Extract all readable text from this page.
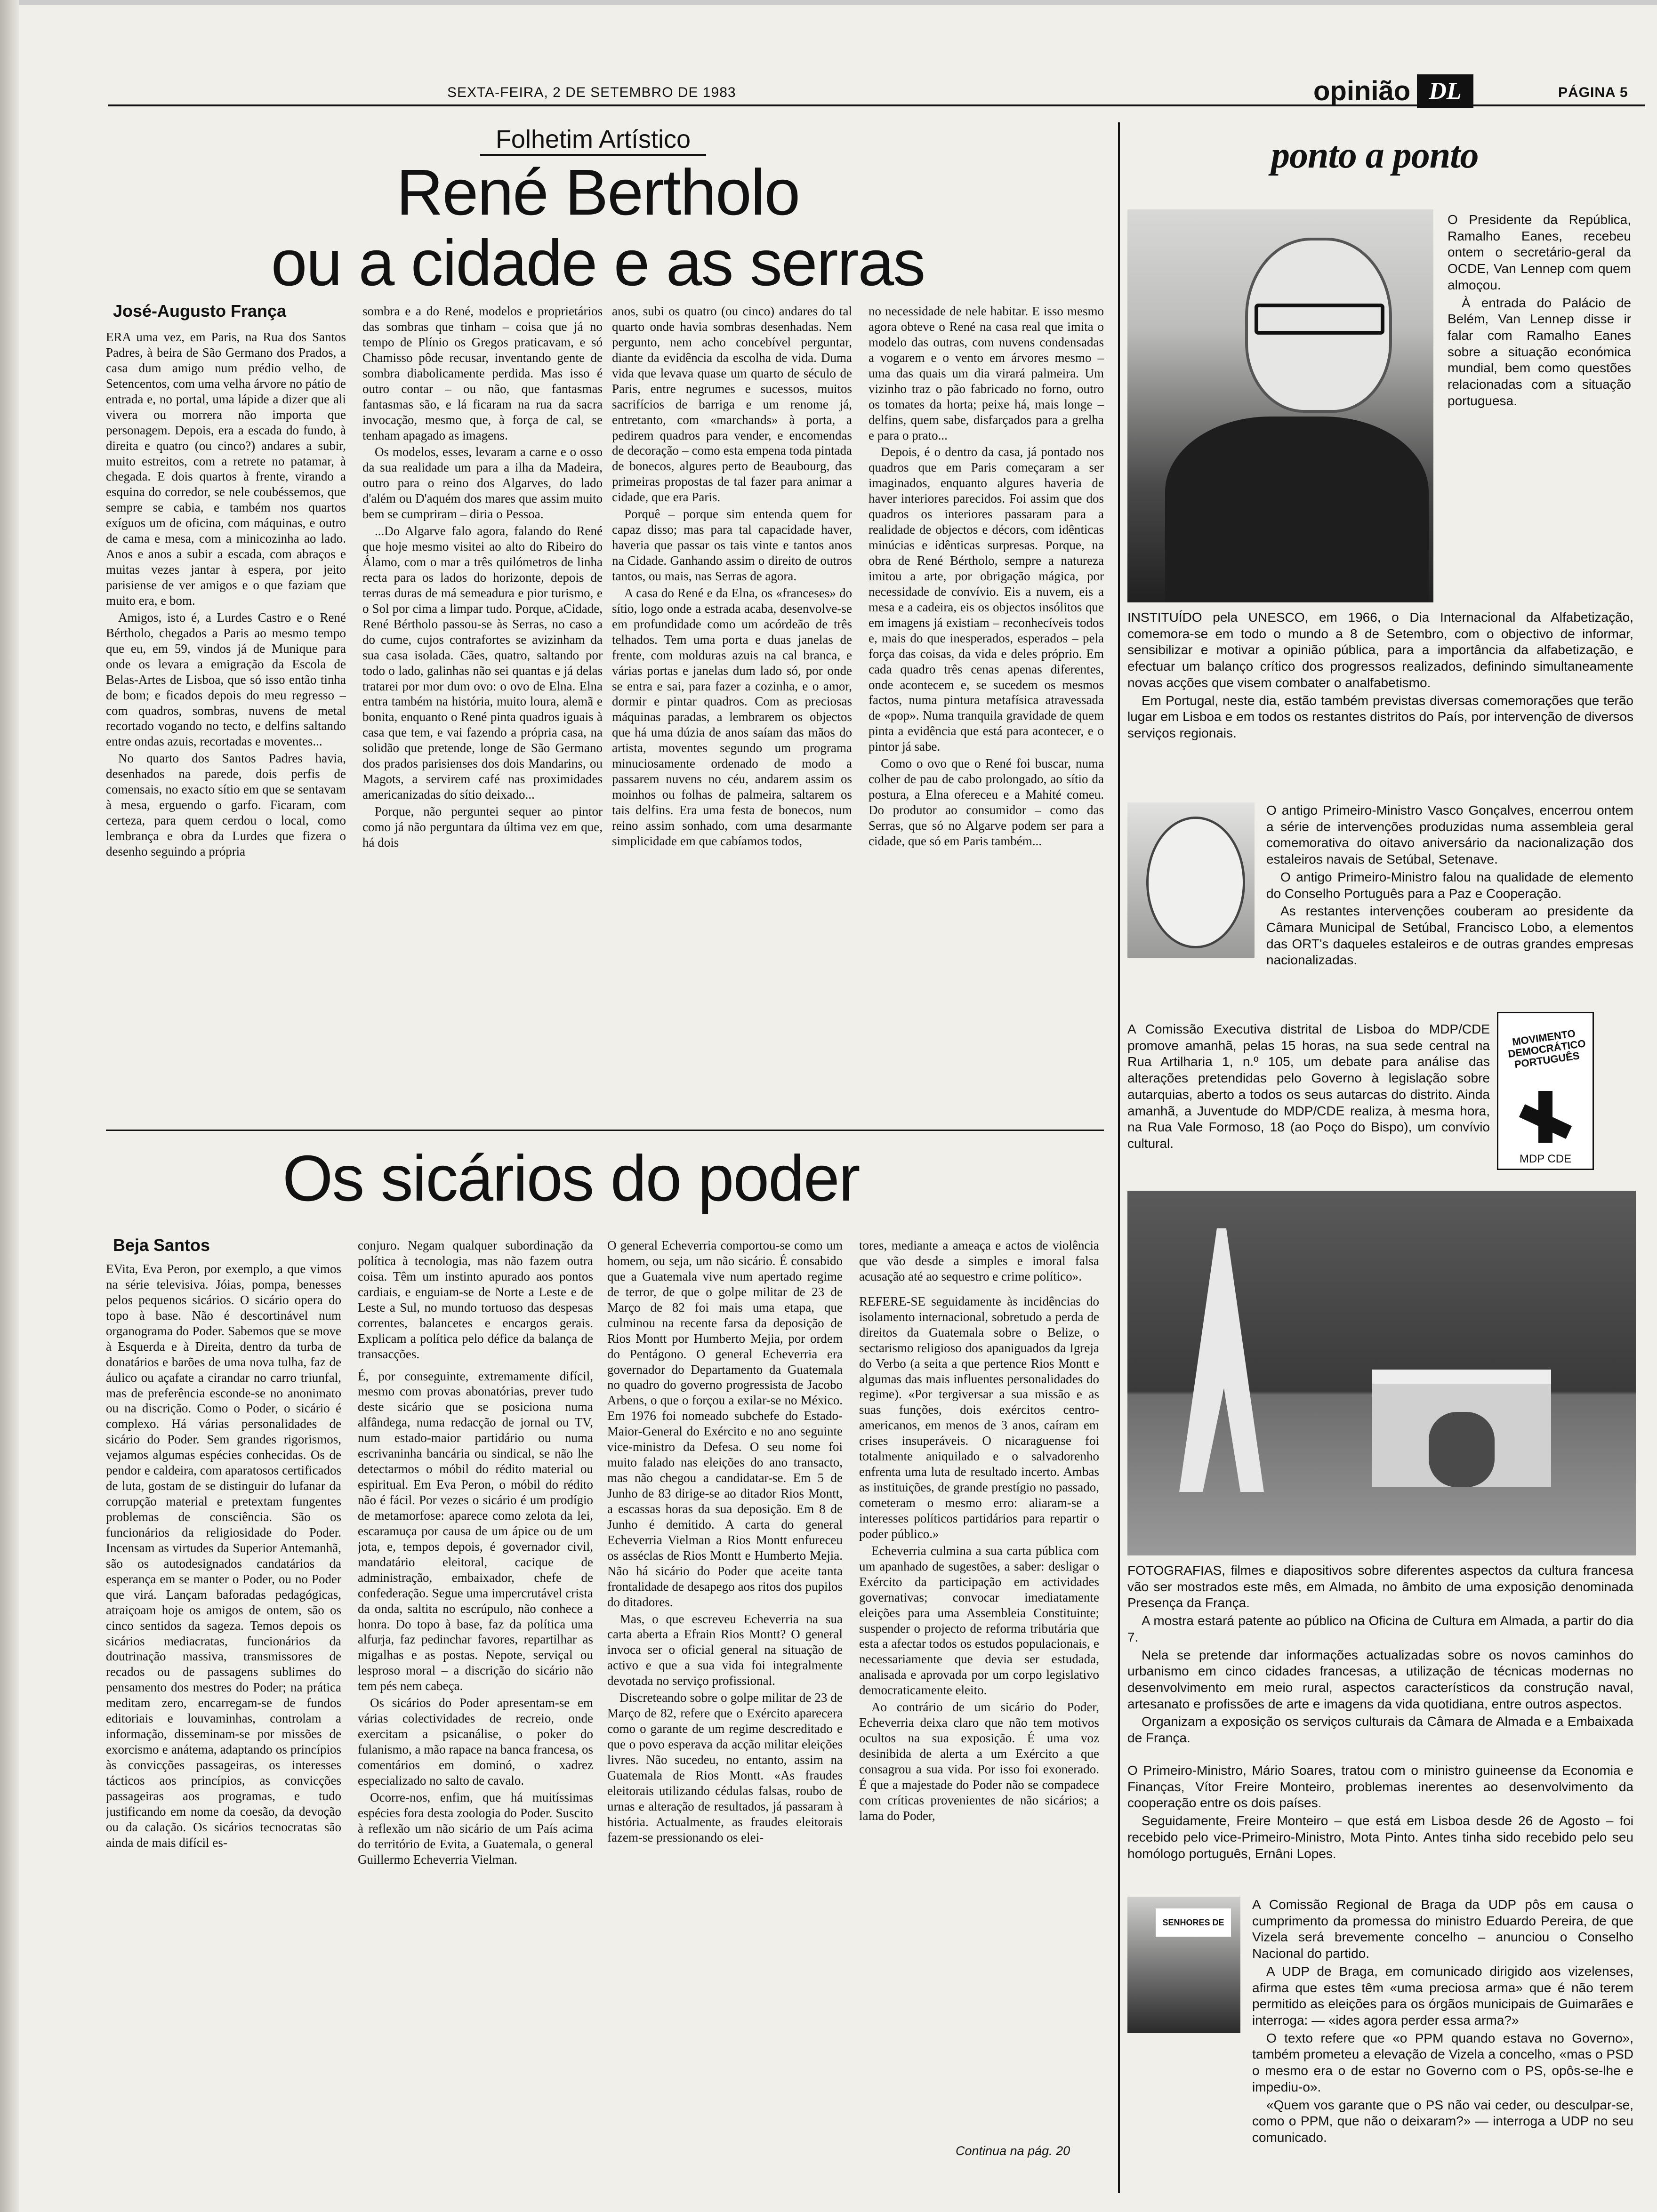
SEXTA-FEIRA, 2 DE SETEMBRO DE 1983	opinião DL	PÁGINA 5
Folhetim Artístico
René Bertholo
ou a cidade e as serras
José-Augusto França

ERA uma vez, em Paris, na Rua dos Santos Padres, à beira de São Germano dos Prados, a casa dum amigo num prédio velho, de Setencentos, com uma velha árvore no pátio de entrada e, no portal, uma lápide a dizer que ali vivera ou morrera não importa que personagem. Depois, era a escada do fundo, à direita e quatro (ou cinco?) andares a subir, muito estreitos, com a retrete no patamar, à chegada. E dois quartos à frente, virando a esquina do corredor, se nele coubéssemos, que sempre se cabia, e também nos quartos exíguos um de oficina, com máquinas, e outro de cama e mesa, com a minicozinha ao lado. Anos e anos a subir a escada, com abraços e muitas vezes jantar à espera, por jeito parisiense de ver amigos e o que faziam que muito era, e bom.

Amigos, isto é, a Lurdes Castro e o René Bértholo, chegados a Paris ao mesmo tempo que eu, em 59, vindos já de Munique para onde os levara a emigração da Escola de Belas-Artes de Lisboa, que só isso então tinha de bom; e ficados depois do meu regresso – com quadros, sombras, nuvens de metal recortado vogando no tecto, e delfins saltando entre ondas azuis, recortadas e moventes...

No quarto dos Santos Padres havia, desenhados na parede, dois perfis de comensais, no exacto sítio em que se sentavam à mesa, erguendo o garfo. Ficaram, com certeza, para quem cerdou o local, como lembrança e obra da Lurdes que fizera o desenho seguindo a própria

sombra e a do René, modelos e proprietários das sombras que tinham – coisa que já no tempo de Plínio os Gregos praticavam, e só Chamisso pôde recusar, inventando gente de sombra diabolicamente perdida. Mas isso é outro contar – ou não, que fantasmas fantasmas são, e lá ficaram na rua da sacra invocação, mesmo que, à força de cal, se tenham apagado as imagens.

Os modelos, esses, levaram a carne e o osso da sua realidade um para a ilha da Madeira, outro para o reino dos Algarves, do lado d'além ou D'aquém dos mares que assim muito bem se cumpriram – diria o Pessoa.

...Do Algarve falo agora, falando do René que hoje mesmo visitei ao alto do Ribeiro do Álamo, com o mar a três quilómetros de linha recta para os lados do horizonte, depois de terras duras de má semeadura e pior turismo, e o Sol por cima a limpar tudo. Porque, aCidade, René Bértholo passou-se às Serras, no caso a do cume, cujos contrafortes se avizinham da sua casa isolada. Cães, quatro, saltando por todo o lado, galinhas não sei quantas e já delas tratarei por mor dum ovo: o ovo de Elna. Elna entra também na história, muito loura, alemã e bonita, enquanto o René pinta quadros iguais à casa que tem, e vai fazendo a própria casa, na solidão que pretende, longe de São Germano dos prados parisienses dos dois Mandarins, ou Magots, a servirem café nas proximidades americanizadas do sítio deixado...

Porque, não perguntei sequer ao pintor como já não perguntara da última vez em que, há dois

anos, subi os quatro (ou cinco) andares do tal quarto onde havia sombras desenhadas. Nem pergunto, nem acho concebível perguntar, diante da evidência da escolha de vida. Duma vida que levava quase um quarto de século de Paris, entre negrumes e sucessos, muitos sacrifícios de barriga e um renome já, entretanto, com «marchands» à porta, a pedirem quadros para vender, e encomendas de decoração – como esta empena toda pintada de bonecos, algures perto de Beaubourg, das primeiras propostas de tal fazer para animar a cidade, que era Paris.

Porquê – porque sim entenda quem for capaz disso; mas para tal capacidade haver, haveria que passar os tais vinte e tantos anos na Cidade. Ganhando assim o direito de outros tantos, ou mais, nas Serras de agora.

A casa do René e da Elna, os «franceses» do sítio, logo onde a estrada acaba, desenvolve-se em profundidade como um acórdeão de três telhados. Tem uma porta e duas janelas de frente, com molduras azuis na cal branca, e várias portas e janelas dum lado só, por onde se entra e sai, para fazer a cozinha, e o amor, dormir e pintar quadros. Com as preciosas máquinas paradas, a lembrarem os objectos que há uma dúzia de anos saíam das mãos do artista, moventes segundo um programa minuciosamente ordenado de modo a passarem nuvens no céu, andarem assim os moinhos ou folhas de palmeira, saltarem os tais delfins. Era uma festa de bonecos, num reino assim sonhado, com uma desarmante simplicidade em que cabíamos todos,

no necessidade de nele habitar. E isso mesmo agora obteve o René na casa real que imita o modelo das outras, com nuvens condensadas a vogarem e o vento em árvores mesmo – uma das quais um dia virará palmeira. Um vizinho traz o pão fabricado no forno, outro os tomates da horta; peixe há, mais longe – delfins, quem sabe, disfarçados para a grelha e para o prato...

Depois, é o dentro da casa, já pontado nos quadros que em Paris começaram a ser imaginados, enquanto algures haveria de haver interiores parecidos. Foi assim que dos quadros os interiores passaram para a realidade de objectos e décors, com idênticas minúcias e idênticas surpresas. Porque, na obra de René Bértholo, sempre a natureza imitou a arte, por obrigação mágica, por necessidade de convívio. Eis a nuvem, eis a mesa e a cadeira, eis os objectos insólitos que em imagens já existiam – reconhecíveis todos e, mais do que inesperados, esperados – pela força das coisas, da vida e deles próprio. Em cada quadro três cenas apenas diferentes, onde acontecem e, se sucedem os mesmos factos, numa pintura metafísica atravessada de «pop». Numa tranquila gravidade de quem pinta a evidência que está para acontecer, e o pintor já sabe.

Como o ovo que o René foi buscar, numa colher de pau de cabo prolongado, ao sítio da postura, a Elna ofereceu e a Mahité comeu. Do produtor ao consumidor – como das Serras, que só no Algarve podem ser para a cidade, que só em Paris também...

Os sicários do poder
Beja Santos

EVita, Eva Peron, por exemplo, a que vimos na série televisiva. Jóias, pompa, benesses pelos pequenos sicários. O sicário opera do topo à base. Não é descortinável num organograma do Poder. Sabemos que se move à Esquerda e à Direita, dentro da turba de donatários e barões de uma nova tulha, faz de áulico ou açafate a cirandar no carro triunfal, mas de preferência esconde-se no anonimato ou na discrição. Como o Poder, o sicário é complexo. Há várias personalidades de sicário do Poder. Sem grandes rigorismos, vejamos algumas espécies conhecidas. Os de pendor e caldeira, com aparatosos certificados de luta, gostam de se distinguir do lufanar da corrupção material e pretextam fungentes problemas de consciência. São os funcionários da religiosidade do Poder. Incensam as virtudes da Superior Antemanhã, são os autodesignados candatários da esperança em se manter o Poder, ou no Poder que virá. Lançam baforadas pedagógicas, atraiçoam hoje os amigos de ontem, são os cinco sentidos da sageza. Temos depois os sicários mediacratas, funcionários da doutrinação massiva, transmissores de recados ou de passagens sublimes do pensamento dos mestres do Poder; na prática meditam zero, encarregam-se de fundos editoriais e louvaminhas, controlam a informação, disseminam-se por missões de exorcismo e anátema, adaptando os princípios às convicções passageiras, os interesses tácticos aos princípios, as convicções passageiras aos programas, e tudo justificando em nome da coesão, da devoção ou da calação. Os sicários tecnocratas são ainda de mais difícil es-

conjuro. Negam qualquer subordinação da política à tecnologia, mas não fazem outra coisa. Têm um instinto apurado aos pontos cardiais, e enguiam-se de Norte a Leste e de Leste a Sul, no mundo tortuoso das despesas correntes, balancetes e encargos gerais. Explicam a política pelo défice da balança de transacções.

É, por conseguinte, extremamente difícil, mesmo com provas abonatórias, prever tudo deste sicário que se posiciona numa alfândega, numa redacção de jornal ou TV, num estado-maior partidário ou numa escrivaninha bancária ou sindical, se não lhe detectarmos o móbil do rédito material ou espiritual. Em Eva Peron, o móbil do rédito não é fácil. Por vezes o sicário é um prodígio de metamorfose: aparece como zelota da lei, escaramuça por causa de um ápice ou de um jota, e, tempos depois, é governador civil, mandatário eleitoral, cacique de administração, embaixador, chefe de confederação. Segue uma impercrutável crista da onda, saltita no escrúpulo, não conhece a honra. Do topo à base, faz da política uma alfurja, faz pedinchar favores, repartilhar as migalhas e as postas. Nepote, serviçal ou lesproso moral – a discrição do sicário não tem pés nem cabeça.

Os sicários do Poder apresentam-se em várias colectividades de recreio, onde exercitam a psicanálise, o poker do fulanismo, a mão rapace na banca francesa, os comentários em dominó, o xadrez especializado no salto de cavalo.

Ocorre-nos, enfim, que há muitíssimas espécies fora desta zoologia do Poder. Suscito à reflexão um não sicário de um País acima do território de Evita, a Guatemala, o general Guillermo Echeverria Vielman.

O general Echeverria comportou-se como um homem, ou seja, um não sicário. É consabido que a Guatemala vive num apertado regime de terror, de que o golpe militar de 23 de Março de 82 foi mais uma etapa, que culminou na recente farsa da deposição de Rios Montt por Humberto Mejia, por ordem do Pentágono. O general Echeverria era governador do Departamento da Guatemala no quadro do governo progressista de Jacobo Arbens, o que o forçou a exilar-se no México. Em 1976 foi nomeado subchefe do Estado-Maior-General do Exército e no ano seguinte vice-ministro da Defesa. O seu nome foi muito falado nas eleições do ano transacto, mas não chegou a candidatar-se. Em 5 de Junho de 83 dirige-se ao ditador Rios Montt, a escassas horas da sua deposição. Em 8 de Junho é demitido. A carta do general Echeverria Vielman a Rios Montt enfureceu os asséclas de Rios Montt e Humberto Mejia. Não há sicário do Poder que aceite tanta frontalidade de desapego aos ritos dos pupilos do ditadores.

Mas, o que escreveu Echeverria na sua carta aberta a Efrain Rios Montt? O general invoca ser o oficial general na situação de activo e que a sua vida foi integralmente devotada no serviço profissional.

Discreteando sobre o golpe militar de 23 de Março de 82, refere que o Exército aparecera como o garante de um regime descreditado e que o povo esperava da acção militar eleições livres. Não sucedeu, no entanto, assim na Guatemala de Rios Montt. «As fraudes eleitorais utilizando cédulas falsas, roubo de urnas e alteração de resultados, já passaram à história. Actualmente, as fraudes eleitorais fazem-se pressionando os elei-

tores, mediante a ameaça e actos de violência que vão desde a simples e imoral falsa acusação até ao sequestro e crime político».

REFERE-SE seguidamente às incidências do isolamento internacional, sobretudo a perda de direitos da Guatemala sobre o Belize, o sectarismo religioso dos apaniguados da Igreja do Verbo (a seita a que pertence Rios Montt e algumas das mais influentes personalidades do regime). «Por tergiversar a sua missão e as suas funções, dois exércitos centro-americanos, em menos de 3 anos, caíram em crises insuperáveis. O nicaraguense foi totalmente aniquilado e o salvadorenho enfrenta uma luta de resultado incerto. Ambas as instituições, de grande prestígio no passado, cometeram o mesmo erro: aliaram-se a interesses políticos partidários para repartir o poder público.»

Echeverria culmina a sua carta pública com um apanhado de sugestões, a saber: desligar o Exército da participação em actividades governativas; convocar imediatamente eleições para uma Assembleia Constituinte; suspender o projecto de reforma tributária que esta a afectar todos os estudos populacionais, e necessariamente que devia ser estudada, analisada e aprovada por um corpo legislativo democraticamente eleito.

Ao contrário de um sicário do Poder, Echeverria deixa claro que não tem motivos ocultos na sua exposição. É uma voz desinibida de alerta a um Exército a que consagrou a sua vida. Por isso foi exonerado. É que a majestade do Poder não se compadece com críticas provenientes de não sicários; a lama do Poder,

Continua na pág. 20
ponto a ponto

O Presidente da República, Ramalho Eanes, recebeu ontem o secretário-geral da OCDE, Van Lennep com quem almoçou.

À entrada do Palácio de Belém, Van Lennep disse ir falar com Ramalho Eanes sobre a situação económica mundial, bem como questões relacionadas com a situação portuguesa.

INSTITUÍDO pela UNESCO, em 1966, o Dia Internacional da Alfabetização, comemora-se em todo o mundo a 8 de Setembro, com o objectivo de informar, sensibilizar e motivar a opinião pública, para a importância da alfabetização, e efectuar um balanço crítico dos progressos realizados, definindo simultaneamente novas acções que visem combater o analfabetismo.

Em Portugal, neste dia, estão também previstas diversas comemorações que terão lugar em Lisboa e em todos os restantes distritos do País, por intervenção de diversos serviços regionais.

O antigo Primeiro-Ministro Vasco Gonçalves, encerrou ontem a série de intervenções produzidas numa assembleia geral comemorativa do oitavo aniversário da nacionalização dos estaleiros navais de Setúbal, Setenave.

O antigo Primeiro-Ministro falou na qualidade de elemento do Conselho Português para a Paz e Cooperação.

As restantes intervenções couberam ao presidente da Câmara Municipal de Setúbal, Francisco Lobo, a elementos das ORT's daqueles estaleiros e de outras grandes empresas nacionalizadas.

A Comissão Executiva distrital de Lisboa do MDP/CDE promove amanhã, pelas 15 horas, na sua sede central na Rua Artilharia 1, n.º 105, um debate para análise das alterações pretendidas pelo Governo à legislação sobre autarquias, aberto a todos os seus autarcas do distrito. Ainda amanhã, a Juventude do MDP/CDE realiza, à mesma hora, na Rua Vale Formoso, 18 (ao Poço do Bispo), um convívio cultural.

MOVIMENTO DEMOCRÁTICO PORTUGUÊS
MDP CDE

FOTOGRAFIAS, filmes e diapositivos sobre diferentes aspectos da cultura francesa vão ser mostrados este mês, em Almada, no âmbito de uma exposição denominada Presença da França.

A mostra estará patente ao público na Oficina de Cultura em Almada, a partir do dia 7.

Nela se pretende dar informações actualizadas sobre os novos caminhos do urbanismo em cinco cidades francesas, a utilização de técnicas modernas no desenvolvimento em meio rural, aspectos característicos da construção naval, artesanato e profissões de arte e imagens da vida quotidiana, entre outros aspectos.

Organizam a exposição os serviços culturais da Câmara de Almada e a Embaixada de França.

O Primeiro-Ministro, Mário Soares, tratou com o ministro guineense da Economia e Finanças, Vítor Freire Monteiro, problemas inerentes ao desenvolvimento da cooperação entre os dois países.

Seguidamente, Freire Monteiro – que está em Lisboa desde 26 de Agosto – foi recebido pelo vice-Primeiro-Ministro, Mota Pinto. Antes tinha sido recebido pelo seu homólogo português, Ernâni Lopes.

SENHORES DE

A Comissão Regional de Braga da UDP pôs em causa o cumprimento da promessa do ministro Eduardo Pereira, de que Vizela será brevemente concelho – anunciou o Conselho Nacional do partido.

A UDP de Braga, em comunicado dirigido aos vizelenses, afirma que estes têm «uma preciosa arma» que é não terem permitido as eleições para os órgãos municipais de Guimarães e interroga: — «ides agora perder essa arma?»

O texto refere que «o PPM quando estava no Governo», também prometeu a elevação de Vizela a concelho, «mas o PSD o mesmo era o de estar no Governo com o PS, opôs-se-lhe e impediu-o».

«Quem vos garante que o PS não vai ceder, ou desculpar-se, como o PPM, que não o deixaram?» — interroga a UDP no seu comunicado.
